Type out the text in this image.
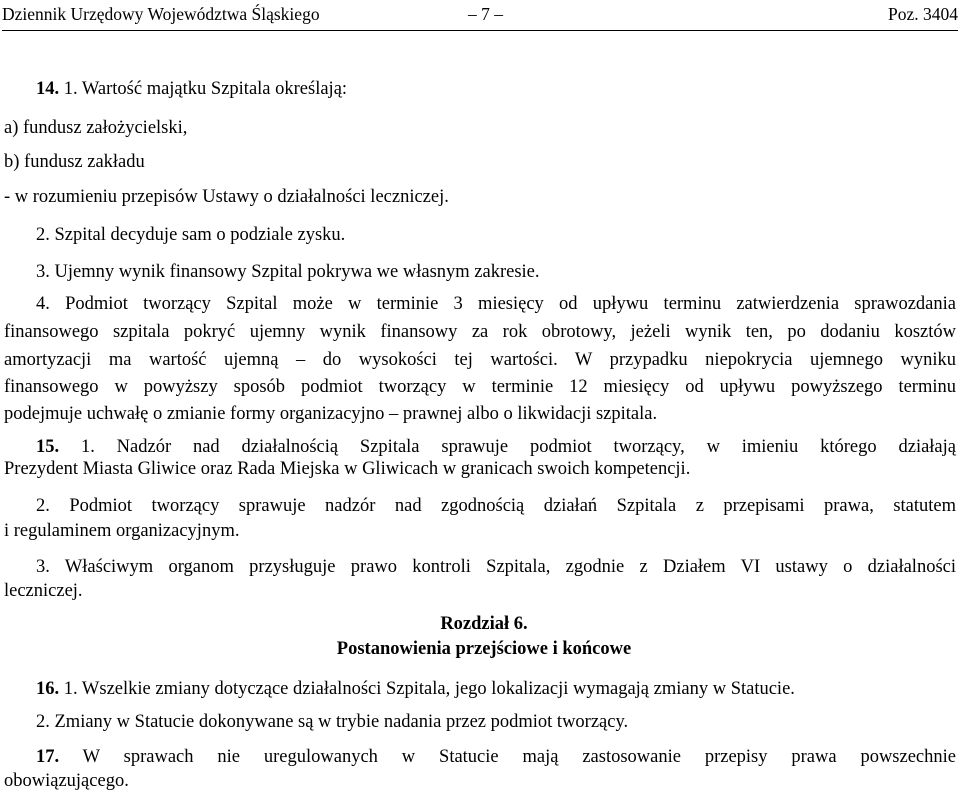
Dziennik Urzędowy Województwa Śląskiego	– 7 –	Poz. 3404
14. 1. Wartość majątku Szpitala określają:
a) fundusz założycielski,
b) fundusz zakładu
- w rozumieniu przepisów Ustawy o działalności leczniczej.
2. Szpital decyduje sam o podziale zysku.
3. Ujemny wynik finansowy Szpital pokrywa we własnym zakresie.
4. Podmiot tworzący Szpital może w terminie 3 miesięcy od upływu terminu zatwierdzenia sprawozdania
finansowego szpitala pokryć ujemny wynik finansowy za rok obrotowy, jeżeli wynik ten, po dodaniu kosztów
amortyzacji ma wartość ujemną – do wysokości tej wartości. W przypadku niepokrycia ujemnego wyniku
finansowego w powyższy sposób podmiot tworzący w terminie 12 miesięcy od upływu powyższego terminu
podejmuje uchwałę o zmianie formy organizacyjno – prawnej albo o likwidacji szpitala.
15. 1. Nadzór nad działalnością Szpitala sprawuje podmiot tworzący, w imieniu którego działają
Prezydent Miasta Gliwice oraz Rada Miejska w Gliwicach w granicach swoich kompetencji.
2. Podmiot tworzący sprawuje nadzór nad zgodnością działań Szpitala z przepisami prawa, statutem
i regulaminem organizacyjnym.
3. Właściwym organom przysługuje prawo kontroli Szpitala, zgodnie z Działem VI ustawy o działalności
leczniczej.
Rozdział 6.
Postanowienia przejściowe i końcowe
16. 1. Wszelkie zmiany dotyczące działalności Szpitala, jego lokalizacji wymagają zmiany w Statucie.
2. Zmiany w Statucie dokonywane są w trybie nadania przez podmiot tworzący.
17. W sprawach nie uregulowanych w Statucie mają zastosowanie przepisy prawa powszechnie
obowiązującego.
